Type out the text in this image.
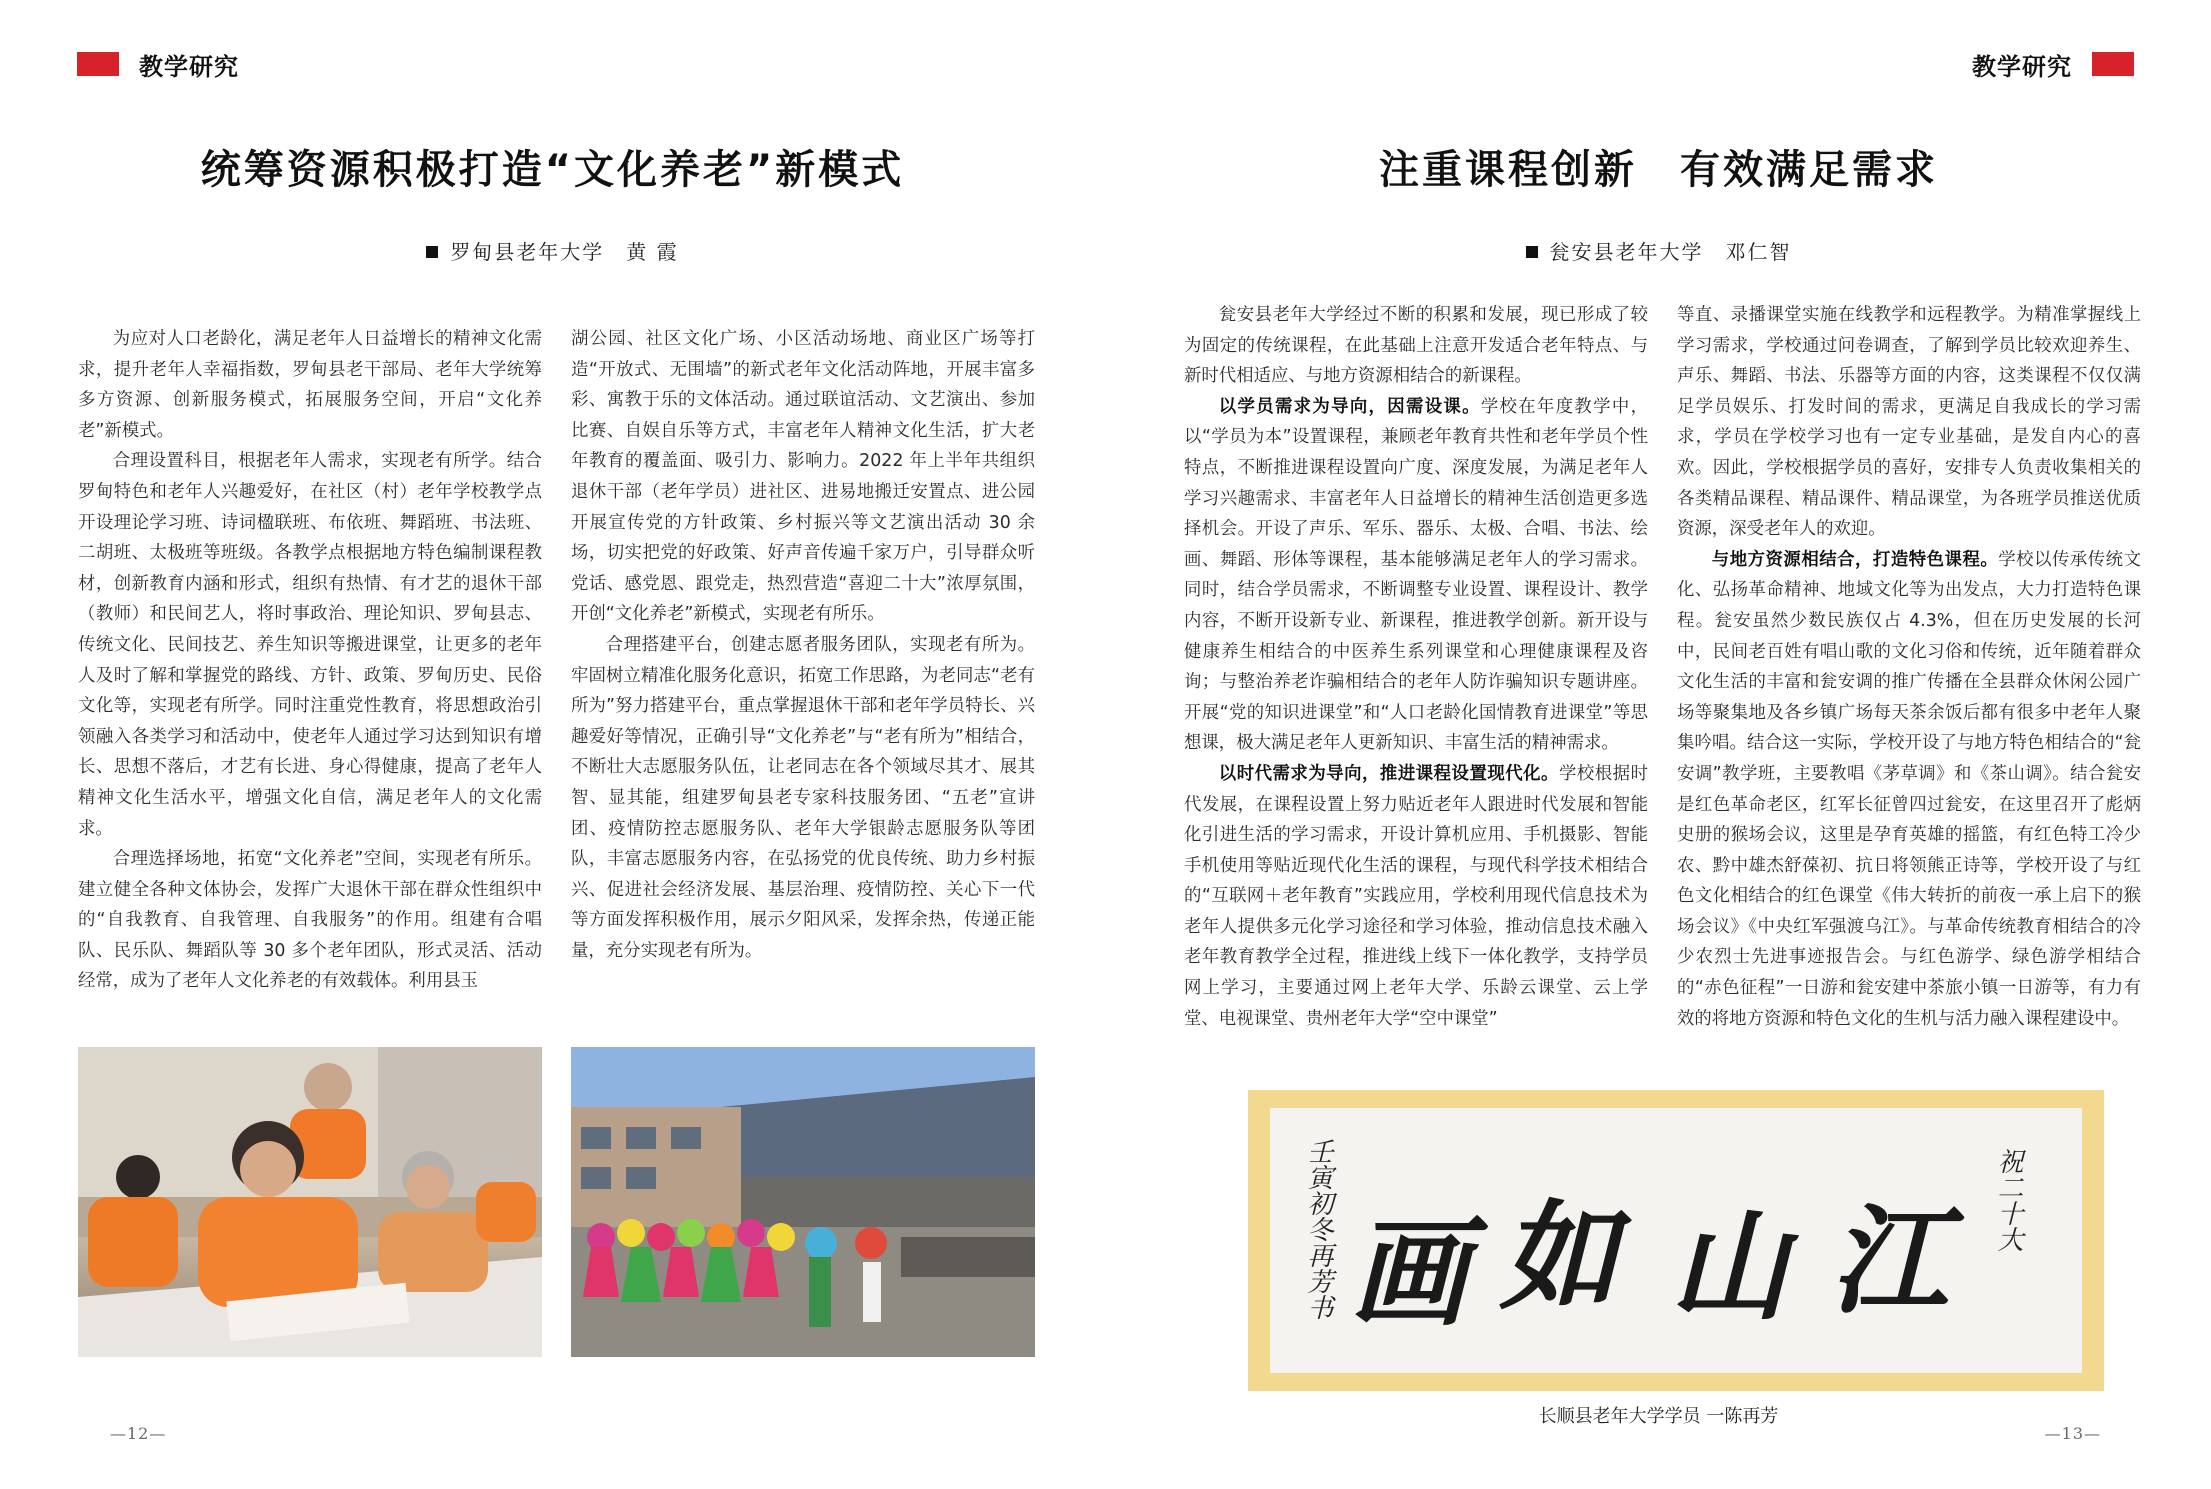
教学研究
统筹资源积极打造“文化养老”新模式
罗甸县老年大学　黄 霞

为应对人口老龄化，满足老年人日益增长的精神文化需求，提升老年人幸福指数，罗甸县老干部局、老年大学统筹多方资源、创新服务模式，拓展服务空间，开启“文化养老”新模式。

合理设置科目，根据老年人需求，实现老有所学。结合罗甸特色和老年人兴趣爱好，在社区（村）老年学校教学点开设理论学习班、诗词楹联班、布依班、舞蹈班、书法班、二胡班、太极班等班级。各教学点根据地方特色编制课程教材，创新教育内涵和形式，组织有热情、有才艺的退休干部（教师）和民间艺人，将时事政治、理论知识、罗甸县志、传统文化、民间技艺、养生知识等搬进课堂，让更多的老年人及时了解和掌握党的路线、方针、政策、罗甸历史、民俗文化等，实现老有所学。同时注重党性教育，将思想政治引领融入各类学习和活动中，使老年人通过学习达到知识有增长、思想不落后，才艺有长进、身心得健康，提高了老年人精神文化生活水平，增强文化自信，满足老年人的文化需求。

合理选择场地，拓宽“文化养老”空间，实现老有所乐。建立健全各种文体协会，发挥广大退休干部在群众性组织中的“自我教育、自我管理、自我服务”的作用。组建有合唱队、民乐队、舞蹈队等 30 多个老年团队，形式灵活、活动经常，成为了老年人文化养老的有效载体。利用县玉

湖公园、社区文化广场、小区活动场地、商业区广场等打造“开放式、无围墙”的新式老年文化活动阵地，开展丰富多彩、寓教于乐的文体活动。通过联谊活动、文艺演出、参加比赛、自娱自乐等方式，丰富老年人精神文化生活，扩大老年教育的覆盖面、吸引力、影响力。2022 年上半年共组织退休干部（老年学员）进社区、进易地搬迁安置点、进公园开展宣传党的方针政策、乡村振兴等文艺演出活动 30 余场，切实把党的好政策、好声音传遍千家万户，引导群众听党话、感党恩、跟党走，热烈营造“喜迎二十大”浓厚氛围，开创“文化养老”新模式，实现老有所乐。

合理搭建平台，创建志愿者服务团队，实现老有所为。牢固树立精准化服务化意识，拓宽工作思路，为老同志“老有所为”努力搭建平台，重点掌握退休干部和老年学员特长、兴趣爱好等情况，正确引导“文化养老”与“老有所为”相结合，不断壮大志愿服务队伍，让老同志在各个领域尽其才、展其智、显其能，组建罗甸县老专家科技服务团、“五老”宣讲团、疫情防控志愿服务队、老年大学银龄志愿服务队等团队，丰富志愿服务内容，在弘扬党的优良传统、助力乡村振兴、促进社会经济发展、基层治理、疫情防控、关心下一代等方面发挥积极作用，展示夕阳风采，发挥余热，传递正能量，充分实现老有所为。

—12—
教学研究
注重课程创新　有效满足需求
瓮安县老年大学　邓仁智

瓮安县老年大学经过不断的积累和发展，现已形成了较为固定的传统课程，在此基础上注意开发适合老年特点、与新时代相适应、与地方资源相结合的新课程。

以学员需求为导向，因需设课。学校在年度教学中，以“学员为本”设置课程，兼顾老年教育共性和老年学员个性特点，不断推进课程设置向广度、深度发展，为满足老年人学习兴趣需求、丰富老年人日益增长的精神生活创造更多选择机会。开设了声乐、军乐、器乐、太极、合唱、书法、绘画、舞蹈、形体等课程，基本能够满足老年人的学习需求。同时，结合学员需求，不断调整专业设置、课程设计、教学内容，不断开设新专业、新课程，推进教学创新。新开设与健康养生相结合的中医养生系列课堂和心理健康课程及咨询；与整治养老诈骗相结合的老年人防诈骗知识专题讲座。开展“党的知识进课堂”和“人口老龄化国情教育进课堂”等思想课，极大满足老年人更新知识、丰富生活的精神需求。

以时代需求为导向，推进课程设置现代化。学校根据时代发展，在课程设置上努力贴近老年人跟进时代发展和智能化引进生活的学习需求，开设计算机应用、手机摄影、智能手机使用等贴近现代化生活的课程，与现代科学技术相结合的“互联网＋老年教育”实践应用，学校利用现代信息技术为老年人提供多元化学习途径和学习体验，推动信息技术融入老年教育教学全过程，推进线上线下一体化教学，支持学员网上学习，主要通过网上老年大学、乐龄云课堂、云上学堂、电视课堂、贵州老年大学“空中课堂”

等直、录播课堂实施在线教学和远程教学。为精准掌握线上学习需求，学校通过问卷调查，了解到学员比较欢迎养生、声乐、舞蹈、书法、乐器等方面的内容，这类课程不仅仅满足学员娱乐、打发时间的需求，更满足自我成长的学习需求，学员在学校学习也有一定专业基础，是发自内心的喜欢。因此，学校根据学员的喜好，安排专人负责收集相关的各类精品课程、精品课件、精品课堂，为各班学员推送优质资源，深受老年人的欢迎。

与地方资源相结合，打造特色课程。学校以传承传统文化、弘扬革命精神、地域文化等为出发点，大力打造特色课程。瓮安虽然少数民族仅占 4.3%，但在历史发展的长河中，民间老百姓有唱山歌的文化习俗和传统，近年随着群众文化生活的丰富和瓮安调的推广传播在全县群众休闲公园广场等聚集地及各乡镇广场每天茶余饭后都有很多中老年人聚集吟唱。结合这一实际，学校开设了与地方特色相结合的“瓮安调”教学班，主要教唱《茅草调》和《茶山调》。结合瓮安是红色革命老区，红军长征曾四过瓮安，在这里召开了彪炳史册的猴场会议，这里是孕育英雄的摇篮，有红色特工冷少农、黔中雄杰舒葆初、抗日将领熊正诗等，学校开设了与红色文化相结合的红色课堂《伟大转折的前夜一承上启下的猴场会议》《中央红军强渡乌江》。与革命传统教育相结合的冷少农烈士先进事迹报告会。与红色游学、绿色游学相结合的“赤色征程”一日游和瓮安建中茶旅小镇一日游等，有力有效的将地方资源和特色文化的生机与活力融入课程建设中。

江
山
如
画
祝二十大
壬寅初冬再芳书
长顺县老年大学学员 一陈再芳
—13—
